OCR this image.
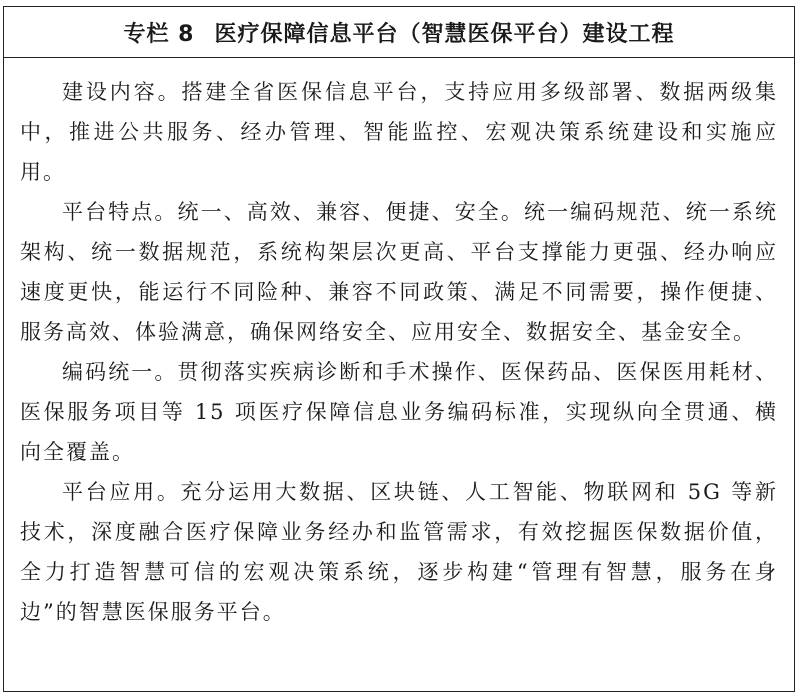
专栏 8 医疗保障信息平台（智慧医保平台）建设工程

建设内容。搭建全省医保信息平台，支持应用多级部署、数据两级集中，推进公共服务、经办管理、智能监控、宏观决策系统建设和实施应用。

平台特点。统一、高效、兼容、便捷、安全。统一编码规范、统一系统架构、统一数据规范，系统构架层次更高、平台支撑能力更强、经办响应速度更快，能运行不同险种、兼容不同政策、满足不同需要，操作便捷、服务高效、体验满意，确保网络安全、应用安全、数据安全、基金安全。

编码统一。贯彻落实疾病诊断和手术操作、医保药品、医保医用耗材、医保服务项目等 15 项医疗保障信息业务编码标准，实现纵向全贯通、横向全覆盖。

平台应用。充分运用大数据、区块链、人工智能、物联网和 5G 等新技术，深度融合医疗保障业务经办和监管需求，有效挖掘医保数据价值，全力打造智慧可信的宏观决策系统，逐步构建“管理有智慧，服务在身边”的智慧医保服务平台。
